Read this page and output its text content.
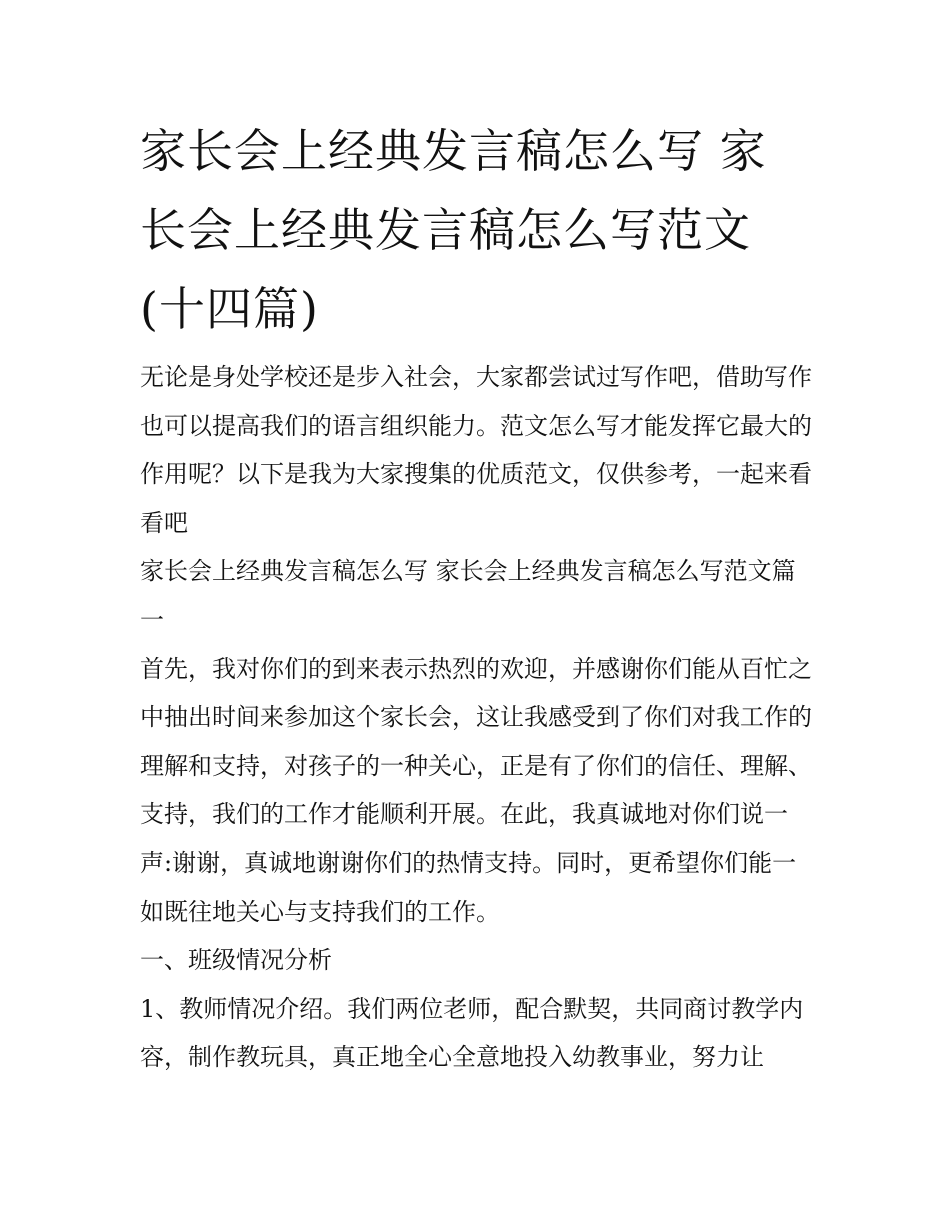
家长会上经典发言稿怎么写 家长会上经典发言稿怎么写范文(十四篇)

无论是身处学校还是步入社会，大家都尝试过写作吧，借助写作也可以提高我们的语言组织能力。范文怎么写才能发挥它最大的作用呢？以下是我为大家搜集的优质范文，仅供参考，一起来看看吧

家长会上经典发言稿怎么写 家长会上经典发言稿怎么写范文篇一

首先，我对你们的到来表示热烈的欢迎，并感谢你们能从百忙之中抽出时间来参加这个家长会，这让我感受到了你们对我工作的理解和支持，对孩子的一种关心，正是有了你们的信任、理解、支持，我们的工作才能顺利开展。在此，我真诚地对你们说一声:谢谢，真诚地谢谢你们的热情支持。同时，更希望你们能一如既往地关心与支持我们的工作。

一、班级情况分析

1、教师情况介绍。我们两位老师，配合默契，共同商讨教学内容，制作教玩具，真正地全心全意地投入幼教事业，努力让
